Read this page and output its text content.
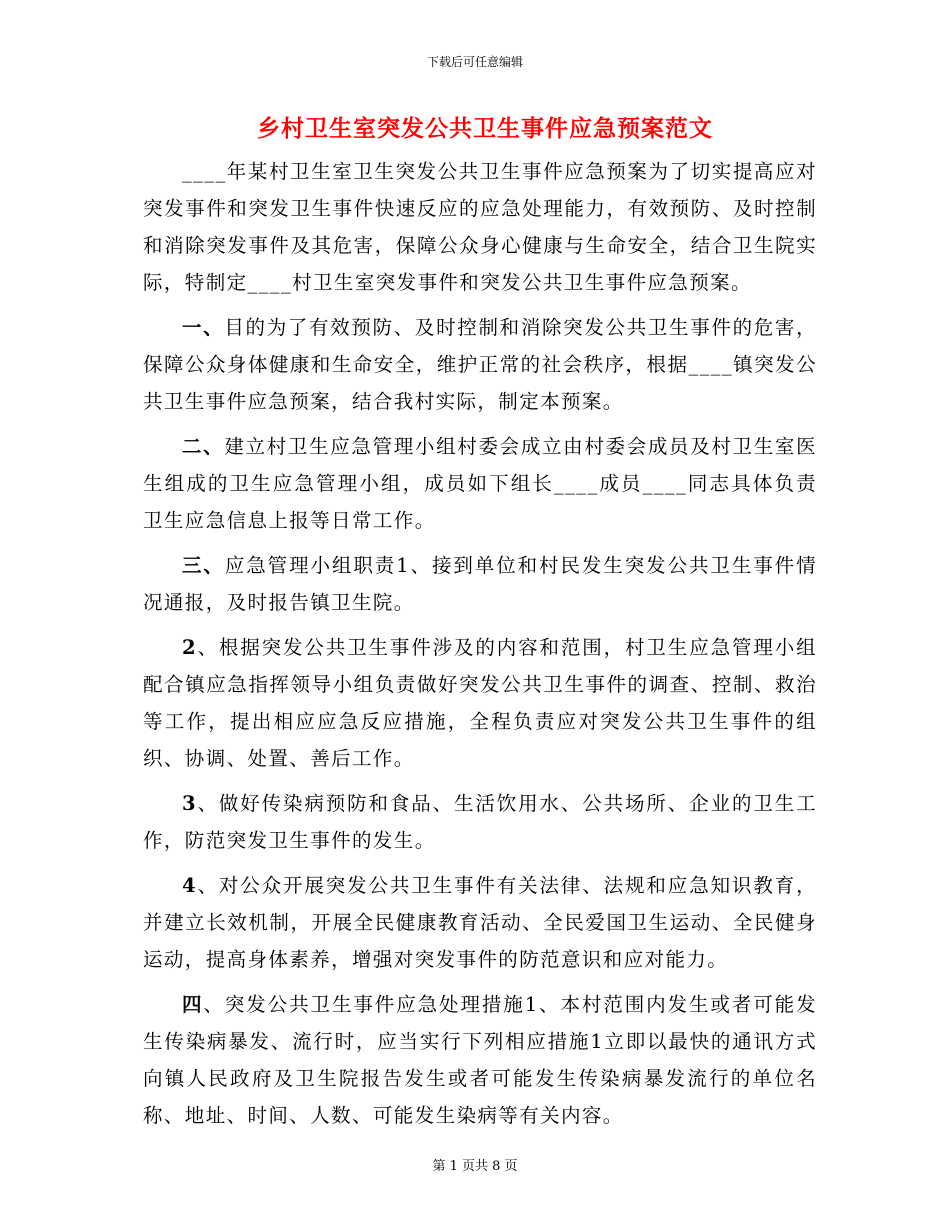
下载后可任意编辑
乡村卫生室突发公共卫生事件应急预案范文

____年某村卫生室卫生突发公共卫生事件应急预案为了切实提高应对突发事件和突发卫生事件快速反应的应急处理能力，有效预防、及时控制和消除突发事件及其危害，保障公众身心健康与生命安全，结合卫生院实际，特制定____村卫生室突发事件和突发公共卫生事件应急预案。

一、目的为了有效预防、及时控制和消除突发公共卫生事件的危害，保障公众身体健康和生命安全，维护正常的社会秩序，根据____镇突发公共卫生事件应急预案，结合我村实际，制定本预案。

二、建立村卫生应急管理小组村委会成立由村委会成员及村卫生室医生组成的卫生应急管理小组，成员如下组长____成员____同志具体负责卫生应急信息上报等日常工作。

三、应急管理小组职责1、接到单位和村民发生突发公共卫生事件情况通报，及时报告镇卫生院。

2、根据突发公共卫生事件涉及的内容和范围，村卫生应急管理小组配合镇应急指挥领导小组负责做好突发公共卫生事件的调查、控制、救治等工作，提出相应应急反应措施，全程负责应对突发公共卫生事件的组织、协调、处置、善后工作。

3、做好传染病预防和食品、生活饮用水、公共场所、企业的卫生工作，防范突发卫生事件的发生。

4、对公众开展突发公共卫生事件有关法律、法规和应急知识教育，并建立长效机制，开展全民健康教育活动、全民爱国卫生运动、全民健身运动，提高身体素养，增强对突发事件的防范意识和应对能力。

四、突发公共卫生事件应急处理措施1、本村范围内发生或者可能发生传染病暴发、流行时，应当实行下列相应措施1立即以最快的通讯方式向镇人民政府及卫生院报告发生或者可能发生传染病暴发流行的单位名称、地址、时间、人数、可能发生染病等有关内容。

第 1 页共 8 页
